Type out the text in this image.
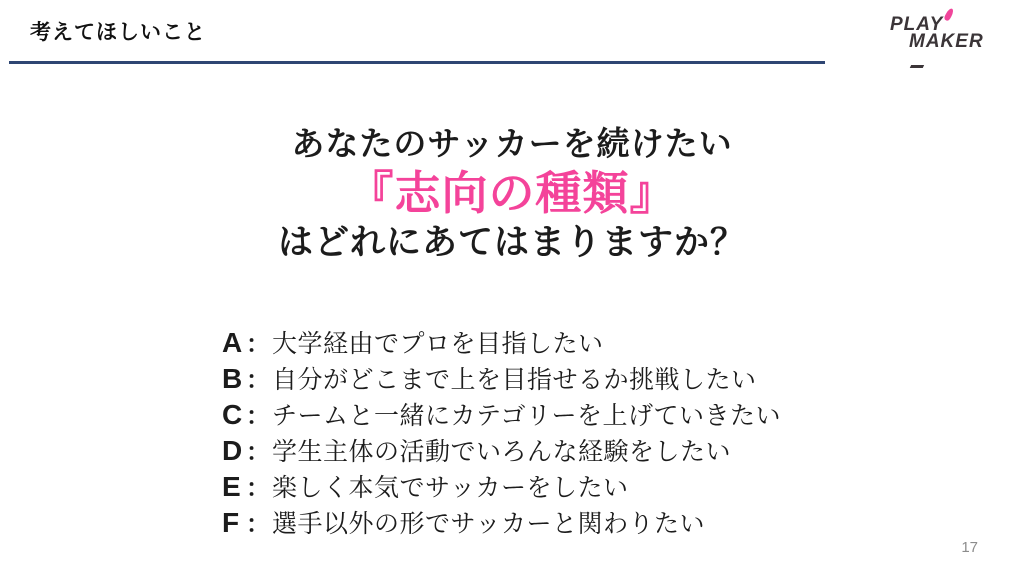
考えてほしいこと	PLAY
MAKER
あなたのサッカーを続けたい
『志向の種類』
はどれにあてはまりますか？
A ： 大学経由でプロを目指したい
B ： 自分がどこまで上を目指せるか挑戦したい
C ： チームと一緒にカテゴリーを上げていきたい
D ： 学生主体の活動でいろんな経験をしたい
E ： 楽しく本気でサッカーをしたい
F ： 選手以外の形でサッカーと関わりたい
17
